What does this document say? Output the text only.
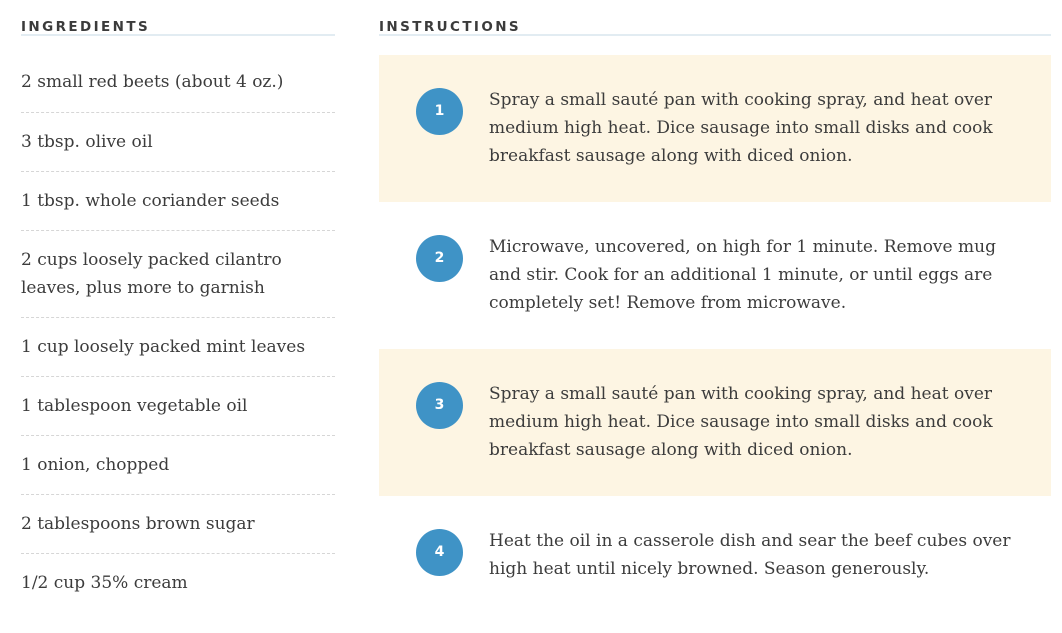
INGREDIENTS
2 small red beets (about 4 oz.)
3 tbsp. olive oil
1 tbsp. whole coriander seeds
2 cups loosely packed cilantro leaves, plus more to garnish
1 cup loosely packed mint leaves
1 tablespoon vegetable oil
1 onion, chopped
2 tablespoons brown sugar
1/2 cup 35% cream
INSTRUCTIONS
1
Spray a small sauté pan with cooking spray, and heat over medium high heat. Dice sausage into small disks and cook breakfast sausage along with diced onion.
2
Microwave, uncovered, on high for 1 minute. Remove mug and stir. Cook for an additional 1 minute, or until eggs are completely set! Remove from microwave.
3
Spray a small sauté pan with cooking spray, and heat over medium high heat. Dice sausage into small disks and cook breakfast sausage along with diced onion.
4
Heat the oil in a casserole dish and sear the beef cubes over high heat until nicely browned. Season generously.
